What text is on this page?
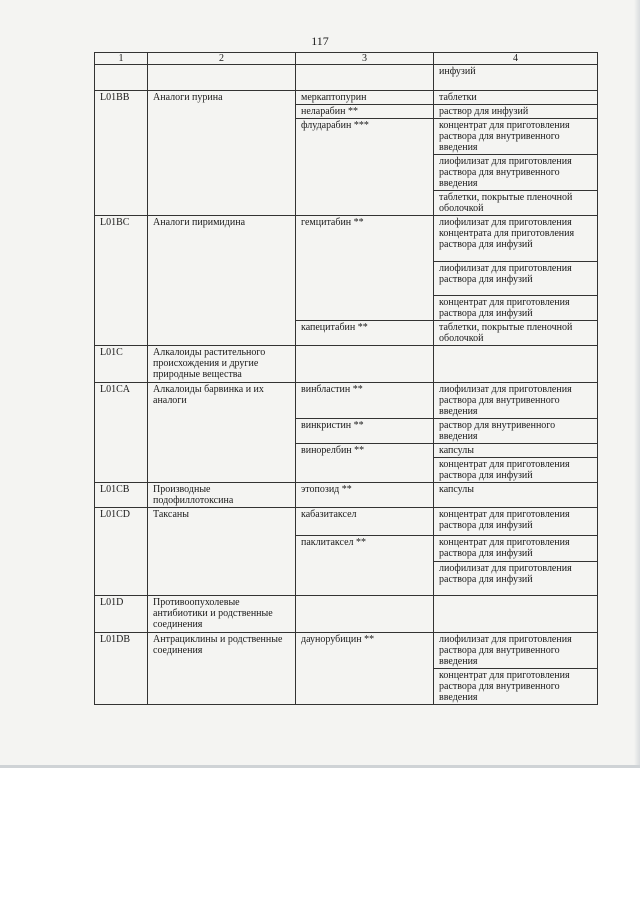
117
1	2	3	4
			инфузий
L01BB	Аналоги пурина	меркаптопурин	таблетки
		неларабин **	раствор для инфузий
		флударабин ***	концентрат для приготовления раствора для внутривенного введения
			лиофилизат для приготовления раствора для внутривенного введения
			таблетки, покрытые пленочной оболочкой
L01BC	Аналоги пиримидина	гемцитабин **	лиофилизат для приготовления концентрата для приготовления раствора для инфузий
			лиофилизат для приготовления раствора для инфузий
			концентрат для приготовления раствора для инфузий
		капецитабин **	таблетки, покрытые пленочной оболочкой
L01C	Алкалоиды растительного происхождения и другие природные вещества		
L01CA	Алкалоиды барвинка и их аналоги	винбластин **	лиофилизат для приготовления раствора для внутривенного введения
		винкристин **	раствор для внутривенного введения
		винорелбин **	капсулы
			концентрат для приготовления раствора для инфузий
L01CB	Производные подофиллотоксина	этопозид **	капсулы
L01CD	Таксаны	кабазитаксел	концентрат для приготовления раствора для инфузий
		паклитаксел **	концентрат для приготовления раствора для инфузий
			лиофилизат для приготовления раствора для инфузий
L01D	Противоопухолевые антибиотики и родственные соединения		
L01DB	Антрациклины и родственные соединения	даунорубицин **	лиофилизат для приготовления раствора для внутривенного введения
			концентрат для приготовления раствора для внутривенного введения
